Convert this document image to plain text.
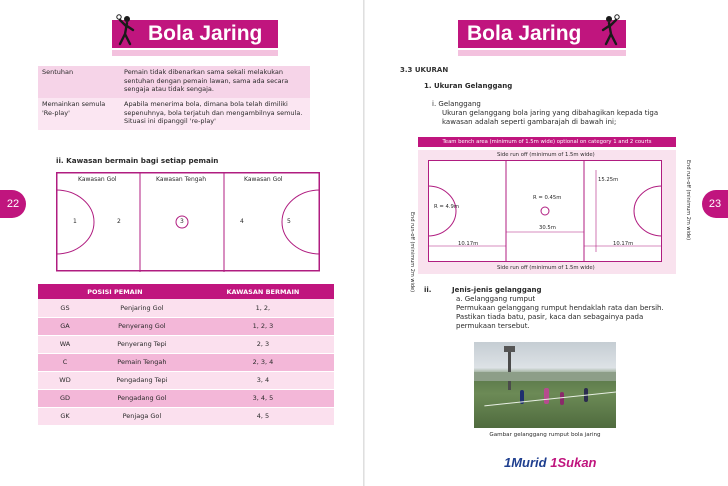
Bola Jaring	Bola Jaring
22	23
Sentuhan	Pemain tidak dibenarkan sama sekali melakukan sentuhan dengan pemain lawan, sama ada secara sengaja atau tidak sengaja.
Memainkan semula 'Re-play'	Apabila menerima bola, dimana bola telah dimiliki sepenuhnya, bola terjatuh dan mengambilnya semula. Situasi ini dipanggil 're-play'
ii. Kawasan bermain bagi setiap pemain
Kawasan Gol	Kawasan Tengah	Kawasan Gol
1	2	3	4	5
POSISI PEMAIN		KAWASAN BERMAIN
GS	Penjaring Gol	1, 2,
GA	Penyerang Gol	1, 2, 3
WA	Penyerang Tepi	2, 3
C	Pemain Tengah	2, 3, 4
WD	Pengadang Tepi	3, 4
GD	Pengadang Gol	3, 4, 5
GK	Penjaga Gol	4, 5
3.3 UKURAN
1. Ukuran Gelanggang
i. Gelanggang
Ukuran gelanggang bola jaring yang dibahagikan kepada tiga kawasan adalah seperti gambarajah di bawah ini;
Team bench area (minimum of 1.5m wide) optional on category 1 and 2 courts
Side run off (minimum of 1.5m wide)
Side run off (minimum of 1.5m wide)
End run-off (minimum 2m wide)
End run-off (minimum 2m wide)
15.25m
R = 0.45m
R = 4.9m
30.5m
10.17m	10.17m
ii.	Jenis-jenis gelanggang
a. Gelanggang rumput
Permukaan gelanggang rumput hendaklah rata dan bersih. Pastikan tiada batu, pasir, kaca dan sebagainya pada permukaan tersebut.
Gambar gelanggang rumput bola jaring
1Murid 1Sukan
